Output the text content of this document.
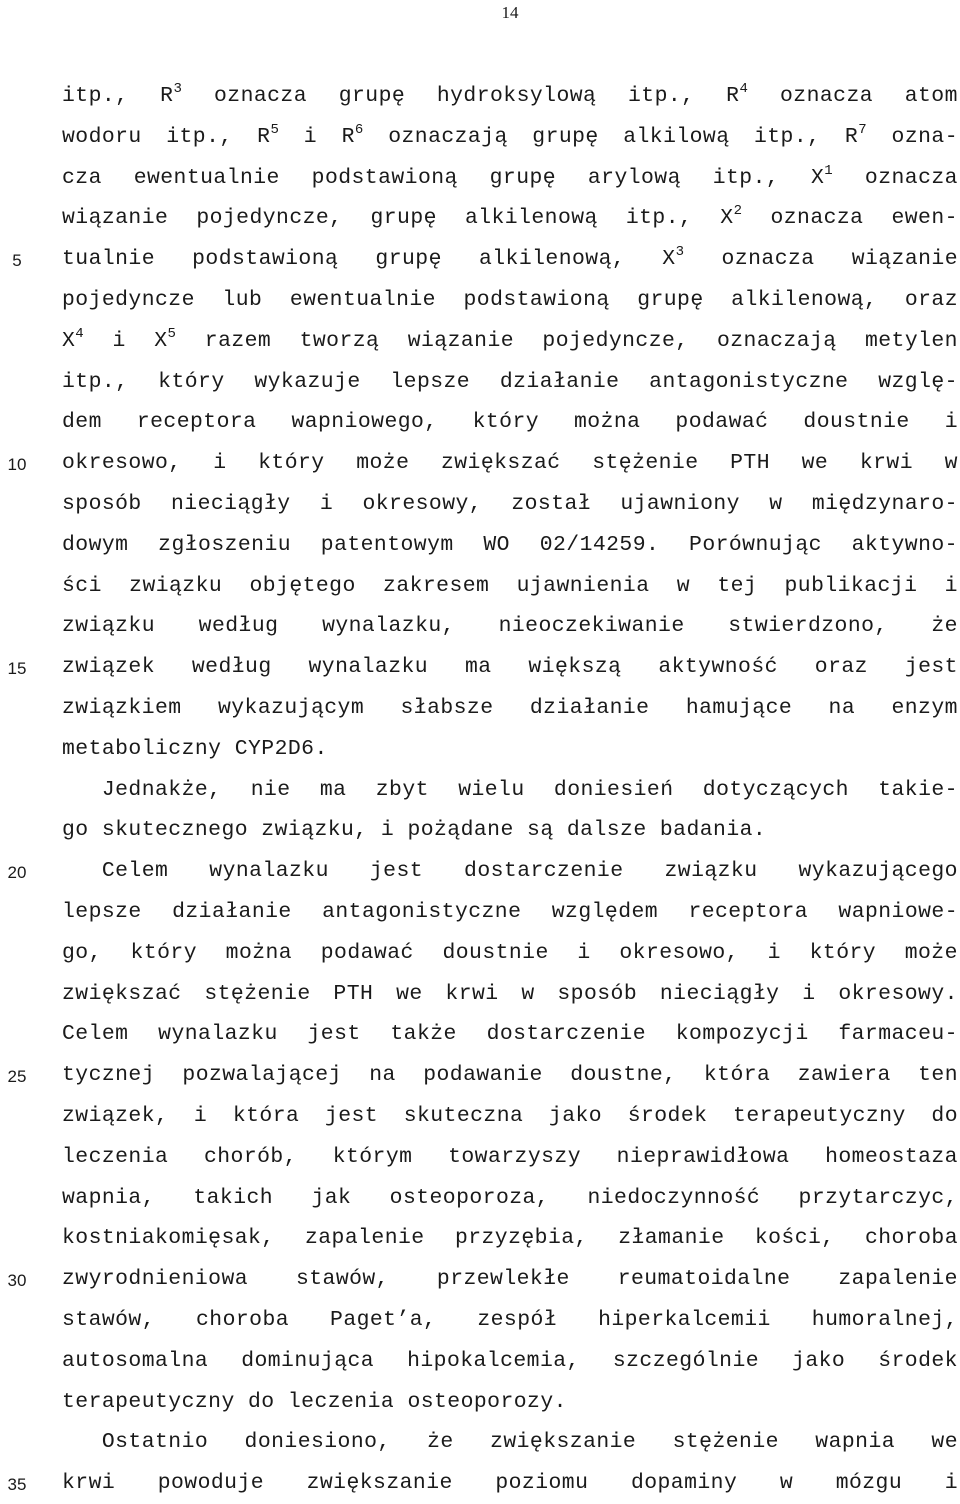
14
5
10
15
20
25
30
35
itp., $R^3$ oznacza grupę hydroksylową itp., $R^4$ oznacza atom
wodoru itp., $R^5$ i $R^6$ oznaczają grupę alkilową itp., $R^7$ ozna-
cza ewentualnie podstawioną grupę arylową itp., $X^1$ oznacza
wiązanie pojedyncze, grupę alkilenową itp., $X^2$ oznacza ewen-
tualnie podstawioną grupę alkilenową, $X^3$ oznacza wiązanie
pojedyncze lub ewentualnie podstawioną grupę alkilenową, oraz
$X^4$ i $X^5$ razem tworzą wiązanie pojedyncze, oznaczają metylen
itp., który wykazuje lepsze działanie antagonistyczne wzglę-
dem receptora wapniowego, który można podawać doustnie i
okresowo, i który może zwiększać stężenie PTH we krwi w
sposób nieciągły i okresowy, został ujawniony w międzynaro-
dowym zgłoszeniu patentowym WO 02/14259. Porównując aktywno-
ści związku objętego zakresem ujawnienia w tej publikacji i
związku według wynalazku, nieoczekiwanie stwierdzono, że
związek według wynalazku ma większą aktywność oraz jest
związkiem wykazującym słabsze działanie hamujące na enzym
metaboliczny CYP2D6.
Jednakże, nie ma zbyt wielu doniesień dotyczących takie-
go skutecznego związku, i pożądane są dalsze badania.
Celem wynalazku jest dostarczenie związku wykazującego
lepsze działanie antagonistyczne względem receptora wapniowe-
go, który można podawać doustnie i okresowo, i który może
zwiększać stężenie PTH we krwi w sposób nieciągły i okresowy.
Celem wynalazku jest także dostarczenie kompozycji farmaceu-
tycznej pozwalającej na podawanie doustne, która zawiera ten
związek, i która jest skuteczna jako środek terapeutyczny do
leczenia chorób, którym towarzyszy nieprawidłowa homeostaza
wapnia, takich jak osteoporoza, niedoczynność przytarczyc,
kostniakomięsak, zapalenie przyzębia, złamanie kości, choroba
zwyrodnieniowa stawów, przewlekłe reumatoidalne zapalenie
stawów, choroba Paget’a, zespół hiperkalcemii humoralnej,
autosomalna dominująca hipokalcemia, szczególnie jako środek
terapeutyczny do leczenia osteoporozy.
Ostatnio doniesiono, że zwiększanie stężenie wapnia we
krwi powoduje zwiększanie poziomu dopaminy w mózgu i
